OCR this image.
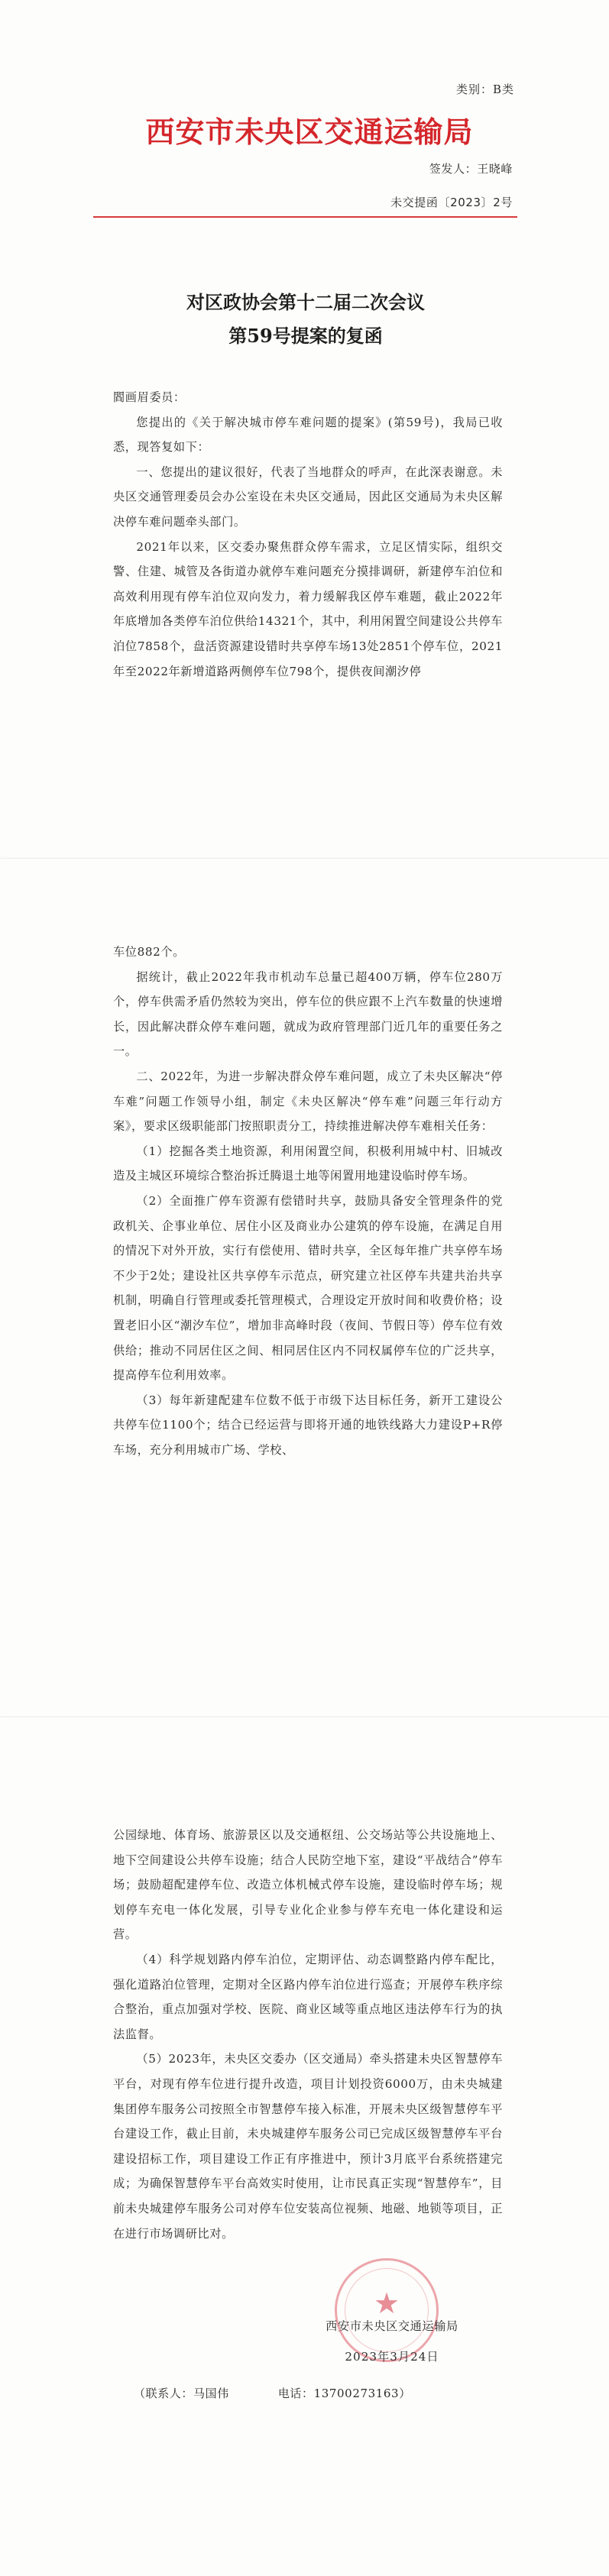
类别：B类
西安市未央区交通运输局
签发人：王晓峰
未交提函〔2023〕2号
对区政协会第十二届二次会议
第59号提案的复函

閻画眉委员：

您提出的《关于解决城市停车难问题的提案》(第59号)，我局已收悉，现答复如下：

一、您提出的建议很好，代表了当地群众的呼声，在此深表谢意。未央区交通管理委员会办公室设在未央区交通局，因此区交通局为未央区解决停车难问题牵头部门。

2021年以来，区交委办聚焦群众停车需求，立足区情实际，组织交警、住建、城管及各街道办就停车难问题充分摸排调研，新建停车泊位和高效利用现有停车泊位双向发力，着力缓解我区停车难题，截止2022年年底增加各类停车泊位供给14321个，其中，利用闲置空间建设公共停车泊位7858个，盘活资源建设错时共享停车场13处2851个停车位，2021年至2022年新增道路两侧停车位798个，提供夜间潮汐停

车位882个。

据统计，截止2022年我市机动车总量已超400万辆，停车位280万个，停车供需矛盾仍然较为突出，停车位的供应跟不上汽车数量的快速增长，因此解决群众停车难问题，就成为政府管理部门近几年的重要任务之一。

二、2022年，为进一步解决群众停车难问题，成立了未央区解决“停车难”问题工作领导小组，制定《未央区解决“停车难”问题三年行动方案》，要求区级职能部门按照职责分工，持续推进解决停车难相关任务：

（1）挖掘各类土地资源，利用闲置空间，积极利用城中村、旧城改造及主城区环境综合整治拆迁腾退土地等闲置用地建设临时停车场。

（2）全面推广停车资源有偿错时共享，鼓励具备安全管理条件的党政机关、企事业单位、居住小区及商业办公建筑的停车设施，在满足自用的情况下对外开放，实行有偿使用、错时共享，全区每年推广共享停车场不少于2处；建设社区共享停车示范点，研究建立社区停车共建共治共享机制，明确自行管理或委托管理模式，合理设定开放时间和收费价格；设置老旧小区“潮汐车位”，增加非高峰时段（夜间、节假日等）停车位有效供给；推动不同居住区之间、相同居住区内不同权属停车位的广泛共享，提高停车位利用效率。

（3）每年新建配建车位数不低于市级下达目标任务，新开工建设公共停车位1100个；结合已经运营与即将开通的地铁线路大力建设P+R停车场，充分利用城市广场、学校、

公园绿地、体育场、旅游景区以及交通枢纽、公交场站等公共设施地上、地下空间建设公共停车设施；结合人民防空地下室，建设“平战结合”停车场；鼓励超配建停车位、改造立体机械式停车设施，建设临时停车场；规划停车充电一体化发展，引导专业化企业参与停车充电一体化建设和运营。

（4）科学规划路内停车泊位，定期评估、动态调整路内停车配比，强化道路泊位管理，定期对全区路内停车泊位进行巡查；开展停车秩序综合整治，重点加强对学校、医院、商业区域等重点地区违法停车行为的执法监督。

（5）2023年，未央区交委办（区交通局）牵头搭建未央区智慧停车平台，对现有停车位进行提升改造，项目计划投资6000万，由未央城建集团停车服务公司按照全市智慧停车接入标准，开展未央区级智慧停车平台建设工作，截止目前，未央城建停车服务公司已完成区级智慧停车平台建设招标工作，项目建设工作正有序推进中，预计3月底平台系统搭建完成；为确保智慧停车平台高效实时使用，让市民真正实现“智慧停车”，目前未央城建停车服务公司对停车位安装高位视频、地磁、地锁等项目，正在进行市场调研比对。

★
西安市未央区交通运输局
2023年3月24日
（联系人：马国伟	电话：13700273163）
